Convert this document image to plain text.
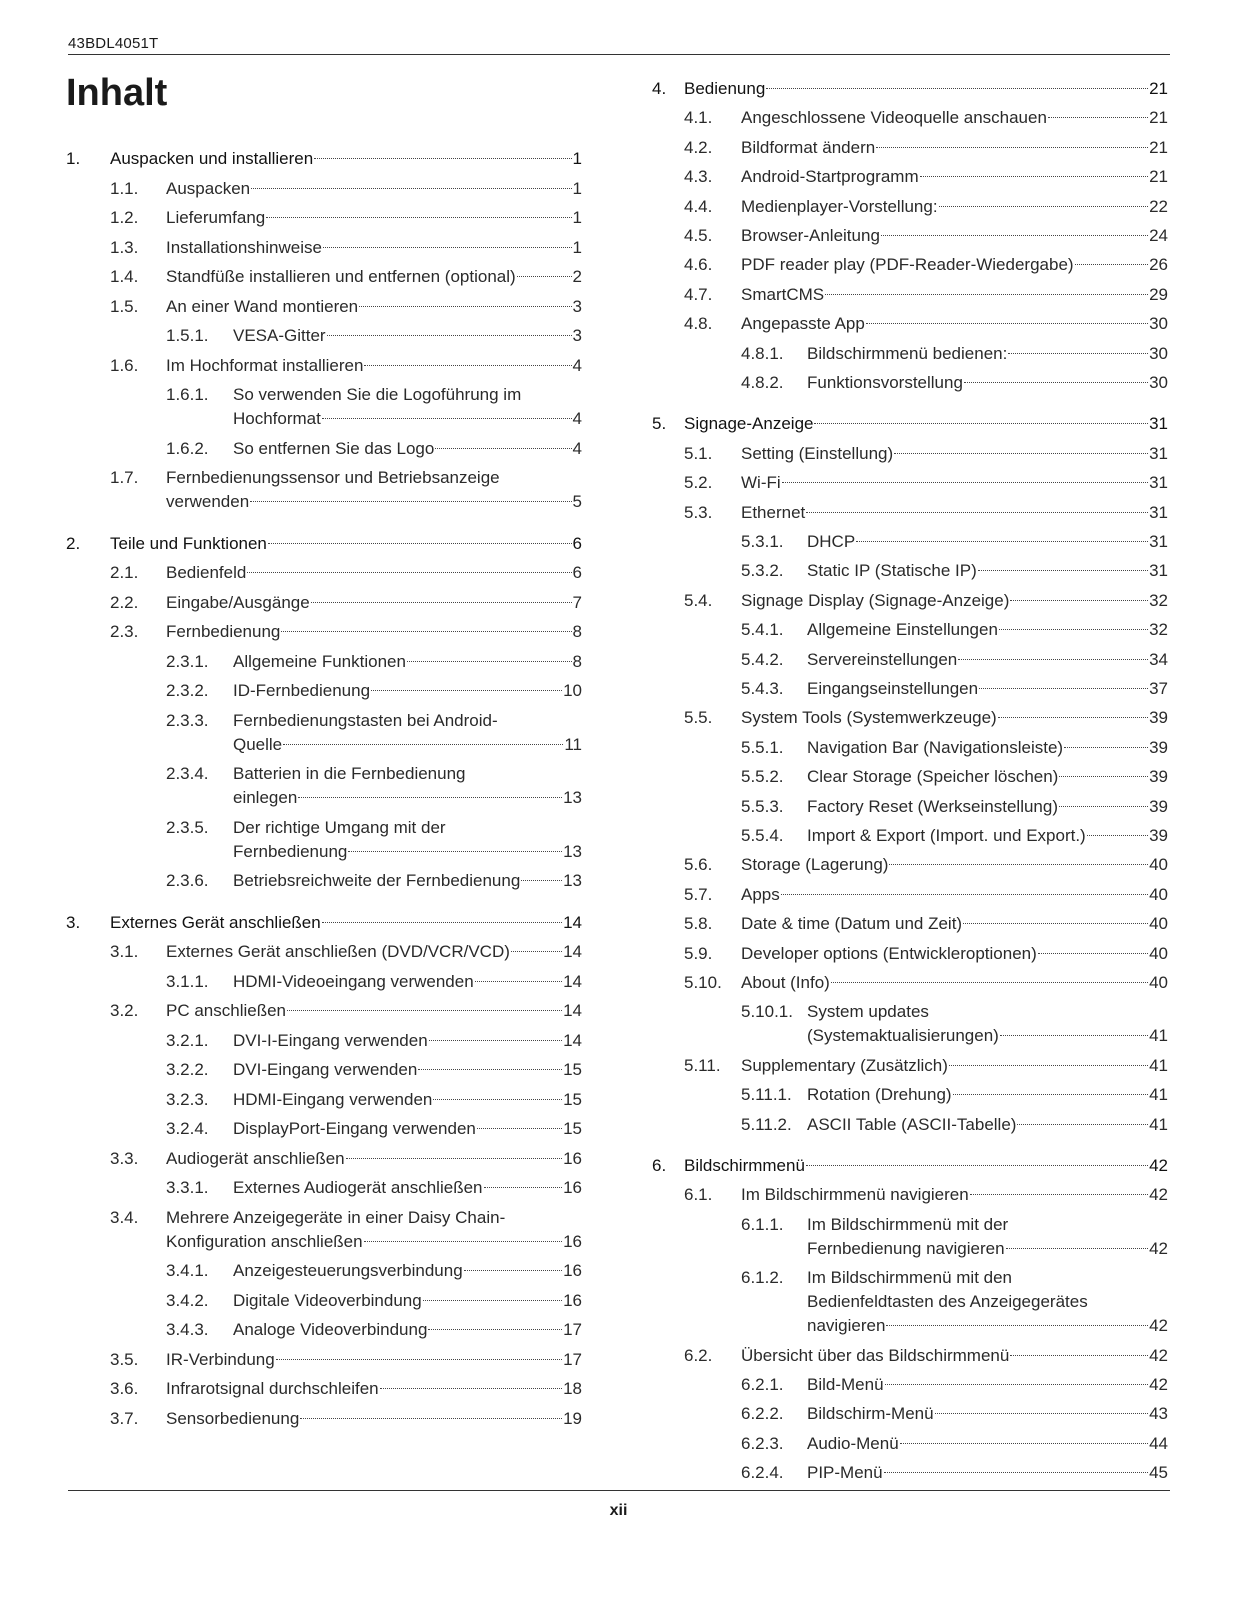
43BDL4051T
Inhalt
1. Auspacken und installieren	1
1.1. Auspacken	1
1.2. Lieferumfang	1
1.3. Installationshinweise	1
1.4. Standfüße installieren und entfernen (optional)	2
1.5. An einer Wand montieren	3
1.5.1. VESA-Gitter	3
1.6. Im Hochformat installieren	4
1.6.1. So verwenden Sie die Logoführung im
Hochformat	4
1.6.2. So entfernen Sie das Logo	4
1.7. Fernbedienungssensor und Betriebsanzeige
verwenden	5
2. Teile und Funktionen	6
2.1. Bedienfeld	6
2.2. Eingabe/Ausgänge	7
2.3. Fernbedienung	8
2.3.1. Allgemeine Funktionen	8
2.3.2. ID-Fernbedienung	10
2.3.3. Fernbedienungstasten bei Android-
Quelle	11
2.3.4. Batterien in die Fernbedienung
einlegen	13
2.3.5. Der richtige Umgang mit der
Fernbedienung	13
2.3.6. Betriebsreichweite der Fernbedienung	13
3. Externes Gerät anschließen	14
3.1. Externes Gerät anschließen (DVD/VCR/VCD)	14
3.1.1. HDMI-Videoeingang verwenden	14
3.2. PC anschließen	14
3.2.1. DVI-I-Eingang verwenden	14
3.2.2. DVI-Eingang verwenden	15
3.2.3. HDMI-Eingang verwenden	15
3.2.4. DisplayPort-Eingang verwenden	15
3.3. Audiogerät anschließen	16
3.3.1. Externes Audiogerät anschließen	16
3.4. Mehrere Anzeigegeräte in einer Daisy Chain-
Konfiguration anschließen	16
3.4.1. Anzeigesteuerungsverbindung	16
3.4.2. Digitale Videoverbindung	16
3.4.3. Analoge Videoverbindung	17
3.5. IR-Verbindung	17
3.6. Infrarotsignal durchschleifen	18
3.7. Sensorbedienung	19
4. Bedienung	21
4.1. Angeschlossene Videoquelle anschauen	21
4.2. Bildformat ändern	21
4.3. Android-Startprogramm	21
4.4. Medienplayer-Vorstellung:	22
4.5. Browser-Anleitung	24
4.6. PDF reader play (PDF-Reader-Wiedergabe)	26
4.7. SmartCMS	29
4.8. Angepasste App	30
4.8.1. Bildschirmmenü bedienen:	30
4.8.2. Funktionsvorstellung	30
5. Signage-Anzeige	31
5.1. Setting (Einstellung)	31
5.2. Wi-Fi	31
5.3. Ethernet	31
5.3.1. DHCP	31
5.3.2. Static IP (Statische IP)	31
5.4. Signage Display (Signage-Anzeige)	32
5.4.1. Allgemeine Einstellungen	32
5.4.2. Servereinstellungen	34
5.4.3. Eingangseinstellungen	37
5.5. System Tools (Systemwerkzeuge)	39
5.5.1. Navigation Bar (Navigationsleiste)	39
5.5.2. Clear Storage (Speicher löschen)	39
5.5.3. Factory Reset (Werkseinstellung)	39
5.5.4. Import & Export (Import. und Export.)	39
5.6. Storage (Lagerung)	40
5.7. Apps	40
5.8. Date & time (Datum und Zeit)	40
5.9. Developer options (Entwickleroptionen)	40
5.10. About (Info)	40
5.10.1. System updates
(Systemaktualisierungen)	41
5.11. Supplementary (Zusätzlich)	41
5.11.1. Rotation (Drehung)	41
5.11.2. ASCII Table (ASCII-Tabelle)	41
6. Bildschirmmenü	42
6.1. Im Bildschirmmenü navigieren	42
6.1.1. Im Bildschirmmenü mit der
Fernbedienung navigieren	42
6.1.2. Im Bildschirmmenü mit den
Bedienfeldtasten des Anzeigegerätes
navigieren	42
6.2. Übersicht über das Bildschirmmenü	42
6.2.1. Bild-Menü	42
6.2.2. Bildschirm-Menü	43
6.2.3. Audio-Menü	44
6.2.4. PIP-Menü	45
xii
